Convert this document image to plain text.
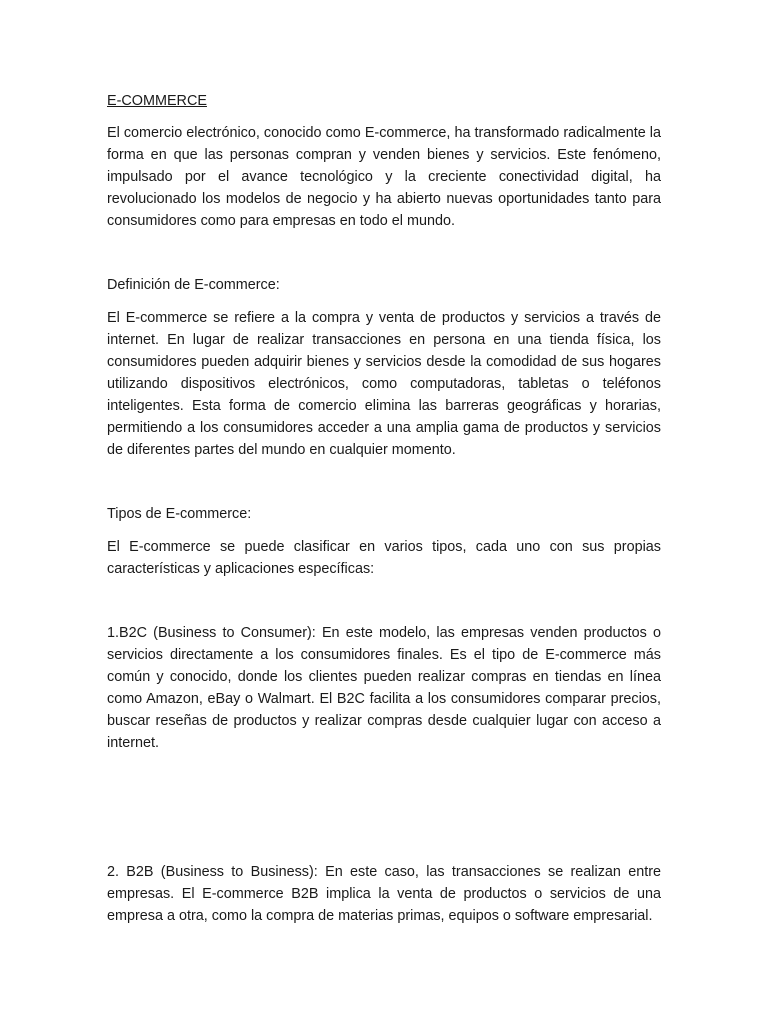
E-COMMERCE

El comercio electrónico, conocido como E-commerce, ha transformado radicalmente la forma en que las personas compran y venden bienes y servicios. Este fenómeno, impulsado por el avance tecnológico y la creciente conectividad digital, ha revolucionado los modelos de negocio y ha abierto nuevas oportunidades tanto para consumidores como para empresas en todo el mundo.

Definición de E-commerce:

El E-commerce se refiere a la compra y venta de productos y servicios a través de internet. En lugar de realizar transacciones en persona en una tienda física, los consumidores pueden adquirir bienes y servicios desde la comodidad de sus hogares utilizando dispositivos electrónicos, como computadoras, tabletas o teléfonos inteligentes. Esta forma de comercio elimina las barreras geográficas y horarias, permitiendo a los consumidores acceder a una amplia gama de productos y servicios de diferentes partes del mundo en cualquier momento.

Tipos de E-commerce:

El E-commerce se puede clasificar en varios tipos, cada uno con sus propias características y aplicaciones específicas:

1.B2C (Business to Consumer): En este modelo, las empresas venden productos o servicios directamente a los consumidores finales. Es el tipo de E-commerce más común y conocido, donde los clientes pueden realizar compras en tiendas en línea como Amazon, eBay o Walmart. El B2C facilita a los consumidores comparar precios, buscar reseñas de productos y realizar compras desde cualquier lugar con acceso a internet.

2. B2B (Business to Business): En este caso, las transacciones se realizan entre empresas. El E-commerce B2B implica la venta de productos o servicios de una empresa a otra, como la compra de materias primas, equipos o software empresarial.
